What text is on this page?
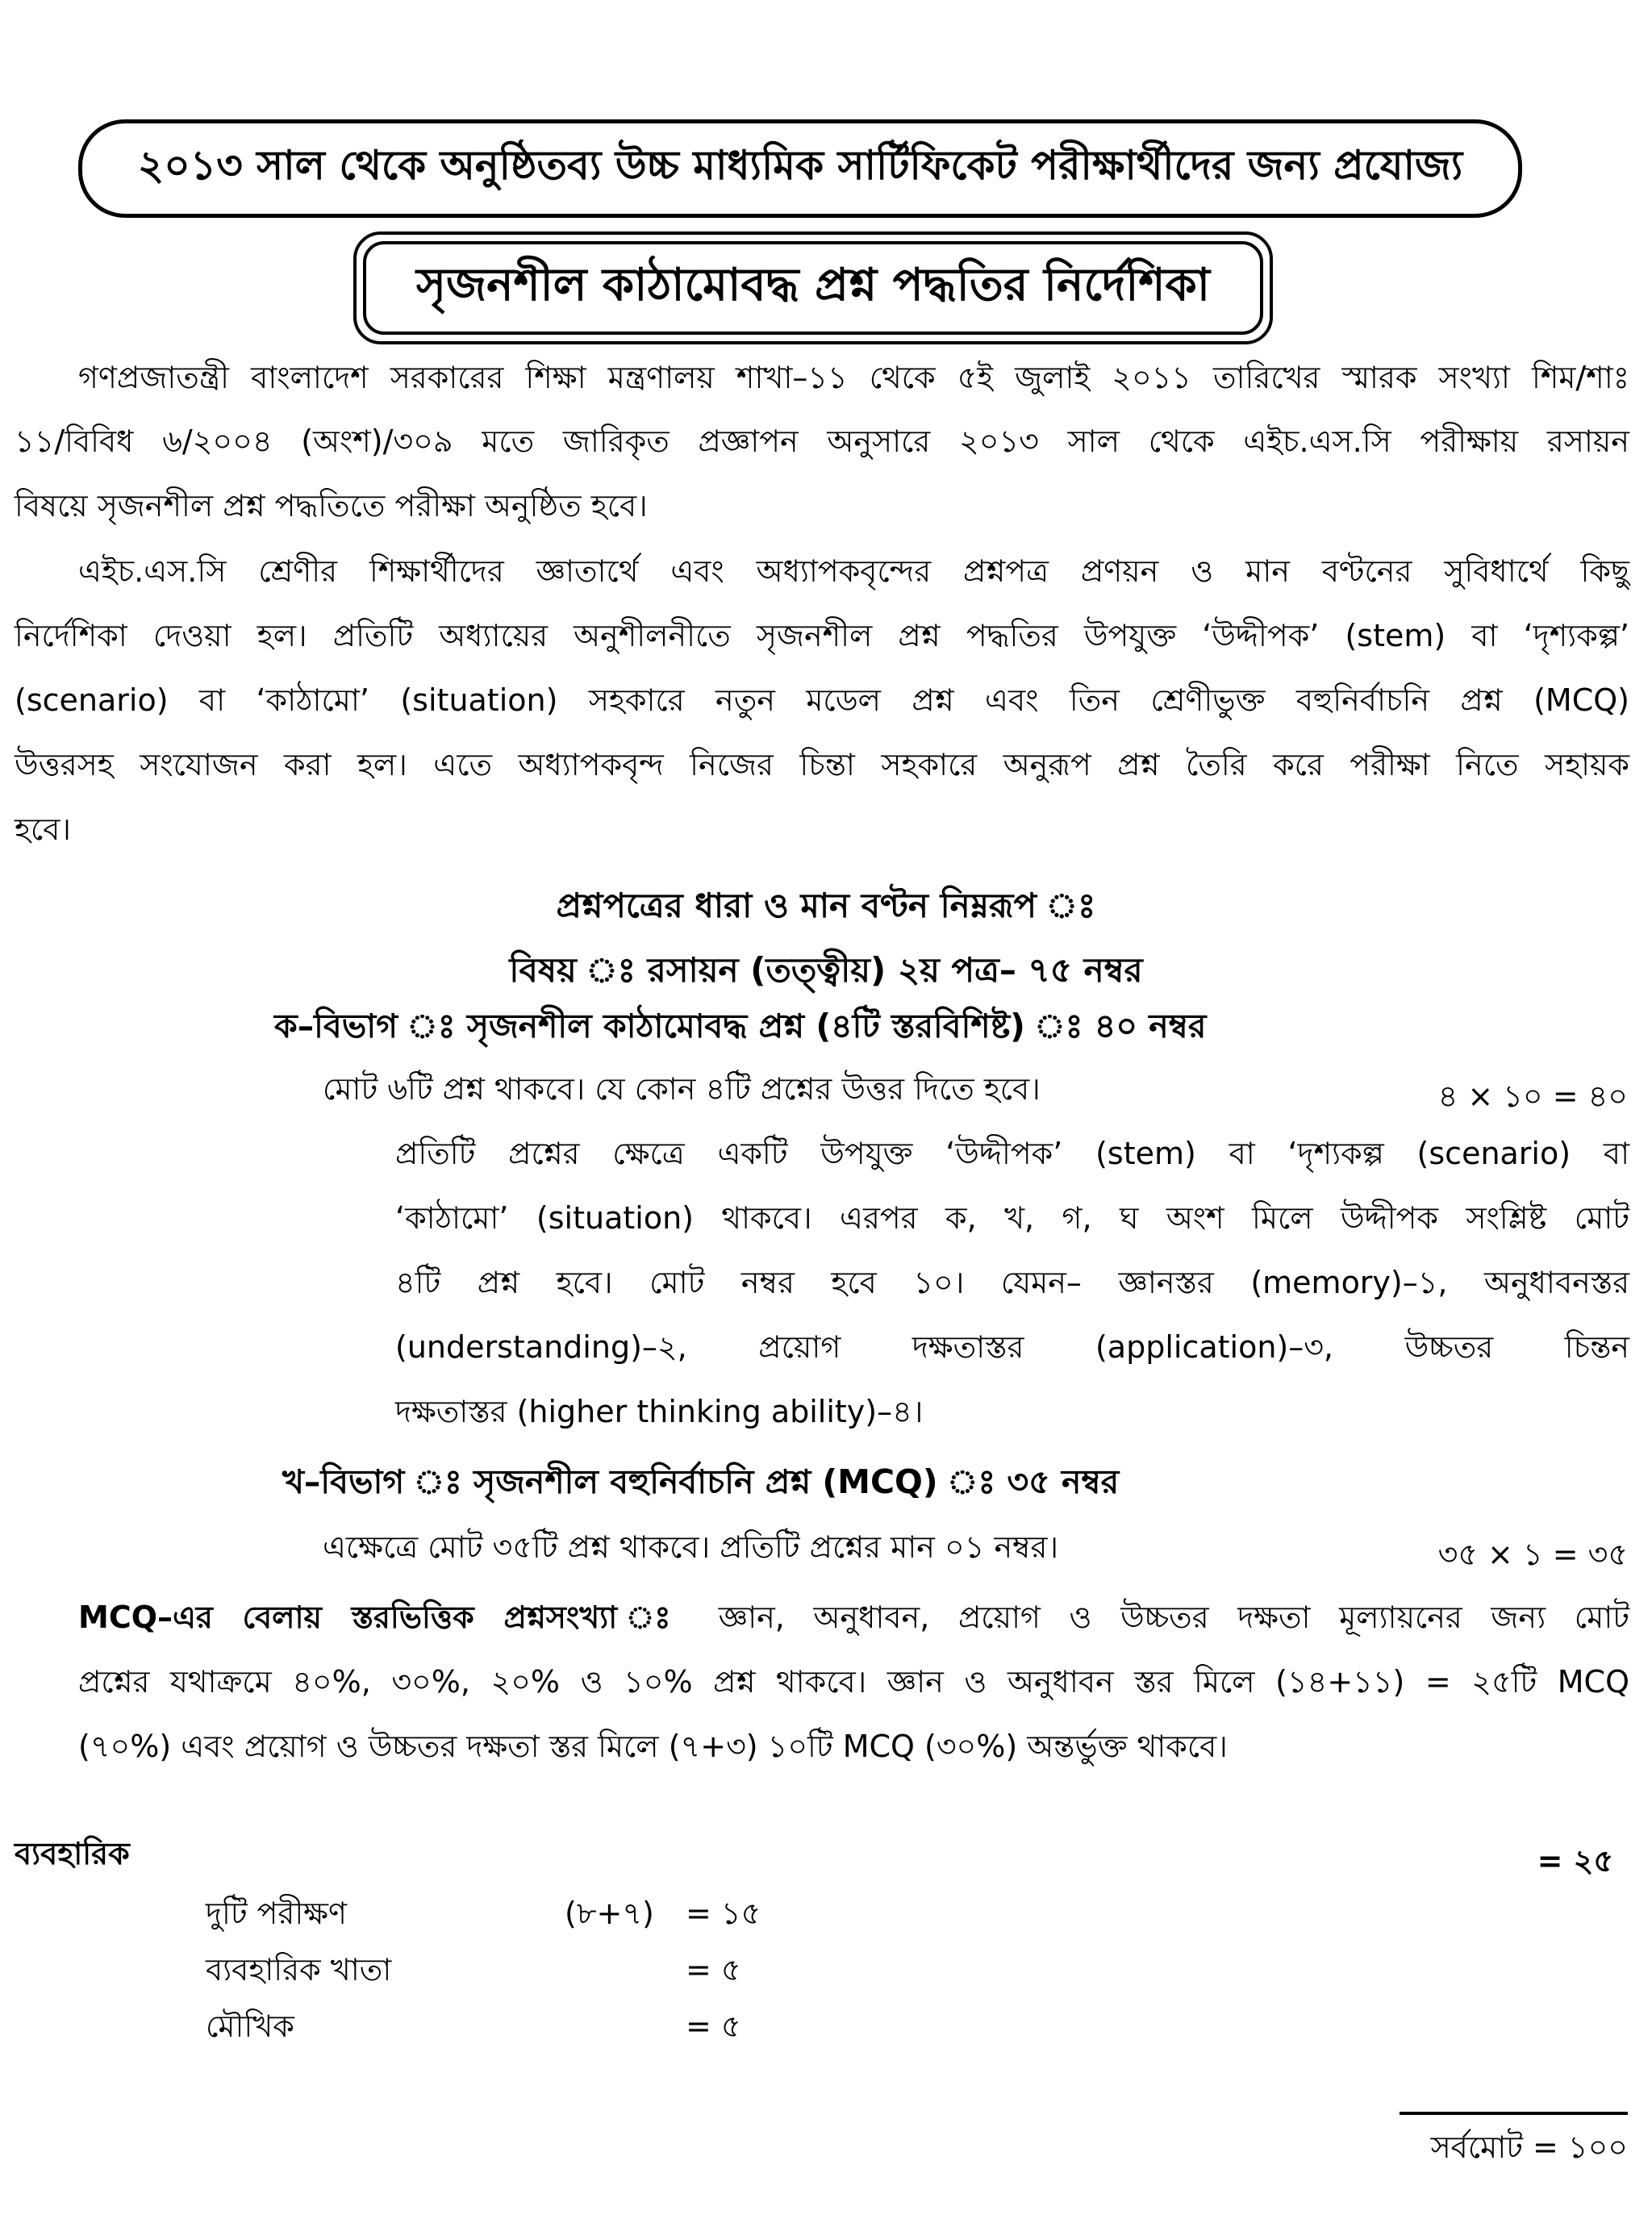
২০১৩ সাল থেকে অনুষ্ঠিতব্য উচ্চ মাধ্যমিক সার্টিফিকেট পরীক্ষার্থীদের জন্য প্রযোজ্য
সৃজনশীল কাঠামোবদ্ধ প্রশ্ন পদ্ধতির নির্দেশিকা
গণপ্রজাতন্ত্রী বাংলাদেশ সরকারের শিক্ষা মন্ত্রণালয় শাখা–১১ থেকে ৫ই জুলাই ২০১১ তারিখের স্মারক সংখ্যা শিম/শাঃ
১১/বিবিধ ৬/২০০৪ (অংশ)/৩০৯ মতে জারিকৃত প্রজ্ঞাপন অনুসারে ২০১৩ সাল থেকে এইচ.এস.সি পরীক্ষায় রসায়ন
বিষয়ে সৃজনশীল প্রশ্ন পদ্ধতিতে পরীক্ষা অনুষ্ঠিত হবে।
এইচ.এস.সি শ্রেণীর শিক্ষার্থীদের জ্ঞাতার্থে এবং অধ্যাপকবৃন্দের প্রশ্নপত্র প্রণয়ন ও মান বণ্টনের সুবিধার্থে কিছু
নির্দেশিকা দেওয়া হল। প্রতিটি অধ্যায়ের অনুশীলনীতে সৃজনশীল প্রশ্ন পদ্ধতির উপযুক্ত ‘উদ্দীপক’ (stem) বা ‘দৃশ্যকল্প’
(scenario) বা ‘কাঠামো’ (situation) সহকারে নতুন মডেল প্রশ্ন এবং তিন শ্রেণীভুক্ত বহুনির্বাচনি প্রশ্ন (MCQ)
উত্তরসহ সংযোজন করা হল। এতে অধ্যাপকবৃন্দ নিজের চিন্তা সহকারে অনুরূপ প্রশ্ন তৈরি করে পরীক্ষা নিতে সহায়ক
হবে।
প্রশ্নপত্রের ধারা ও মান বণ্টন নিম্নরূপ ঃ
বিষয় ঃ রসায়ন (তত্ত্বীয়) ২য় পত্র– ৭৫ নম্বর
ক–বিভাগ ঃ সৃজনশীল কাঠামোবদ্ধ প্রশ্ন (৪টি স্তরবিশিষ্ট) ঃ ৪০ নম্বর
মোট ৬টি প্রশ্ন থাকবে। যে কোন ৪টি প্রশ্নের উত্তর দিতে হবে।	৪ × ১০ = ৪০
প্রতিটি প্রশ্নের ক্ষেত্রে একটি উপযুক্ত ‘উদ্দীপক’ (stem) বা ‘দৃশ্যকল্প (scenario) বা
‘কাঠামো’ (situation) থাকবে। এরপর ক, খ, গ, ঘ অংশ মিলে উদ্দীপক সংশ্লিষ্ট মোট
৪টি প্রশ্ন হবে। মোট নম্বর হবে ১০। যেমন– জ্ঞানস্তর (memory)–১, অনুধাবনস্তর
(understanding)–২, প্রয়োগ দক্ষতাস্তর (application)–৩, উচ্চতর চিন্তন
দক্ষতাস্তর (higher thinking ability)–৪।
খ–বিভাগ ঃ সৃজনশীল বহুনির্বাচনি প্রশ্ন (MCQ) ঃ ৩৫ নম্বর
এক্ষেত্রে মোট ৩৫টি প্রশ্ন থাকবে। প্রতিটি প্রশ্নের মান ০১ নম্বর।	৩৫ × ১ = ৩৫
MCQ–এর বেলায় স্তরভিত্তিক প্রশ্নসংখ্যা ঃ জ্ঞান, অনুধাবন, প্রয়োগ ও উচ্চতর দক্ষতা মূল্যায়নের জন্য মোট
প্রশ্নের যথাক্রমে ৪০%, ৩০%, ২০% ও ১০% প্রশ্ন থাকবে। জ্ঞান ও অনুধাবন স্তর মিলে (১৪+১১) = ২৫টি MCQ
(৭০%) এবং প্রয়োগ ও উচ্চতর দক্ষতা স্তর মিলে (৭+৩) ১০টি MCQ (৩০%) অন্তর্ভুক্ত থাকবে।
ব্যবহারিক	= ২৫
দুটি পরীক্ষণ	(৮+৭) = ১৫
ব্যবহারিক খাতা	= ৫
মৌখিক	= ৫
সর্বমোট = ১০০
